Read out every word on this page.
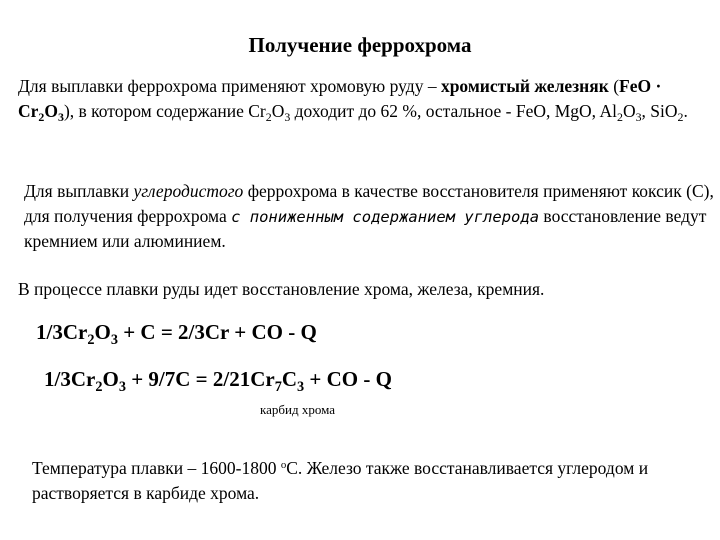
Получение феррохрома

Для выплавки феррохрома применяют хромовую руду – хромистый железняк $(FeO \cdot Cr_2O_3)$, в котором содержание $Cr_2O_3$ доходит до 62 %, остальное - FeO, MgO, $Al_2O_3$, SiO$_2$.

Для выплавки углеродистого феррохрома в качестве восстановителя применяют коксик (С), для получения феррохрома с пониженным содержанием углерода восстановление ведут кремнием или алюминием.

В процессе плавки руды идет восстановление хрома, железа, кремния.

$1/3Cr_2O_3 + C = 2/3Cr$ + CO - Q
$1/3Cr_2O_3 + 9/7C = 2/21Cr_7C_3$ + CO - Q
карбид хрома

Температура плавки – 1600-1800 $^о$С. Железо также восстанавливается углеродом и растворяется в карбиде хрома.
